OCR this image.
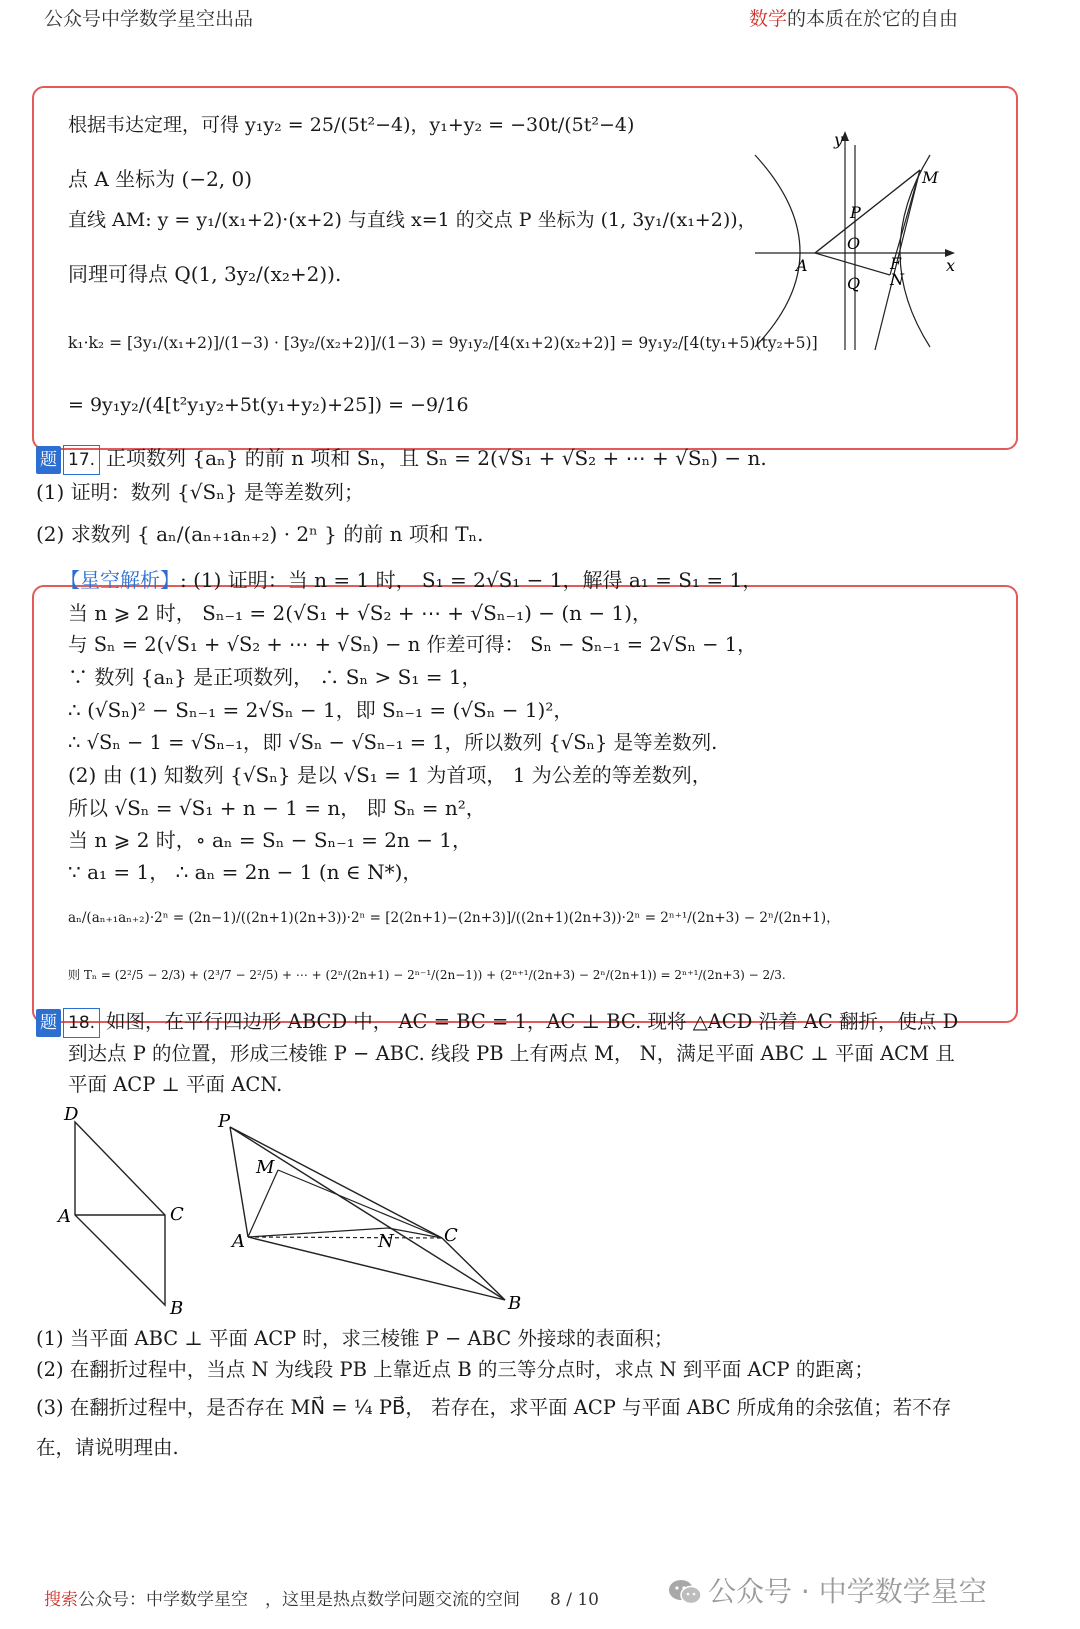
公众号中学数学星空出品	数学的本质在於它的自由
根据韦达定理，可得 y₁y₂ = 25/(5t²−4)，y₁+y₂ = −30t/(5t²−4)
点 A 坐标为 (−2, 0)
直线 AM: y = y₁/(x₁+2)·(x+2) 与直线 x=1 的交点 P 坐标为 (1, 3y₁/(x₁+2))，
同理可得点 Q(1, 3y₂/(x₂+2)).
k₁·k₂ = [3y₁/(x₁+2)]/(1−3) · [3y₂/(x₂+2)]/(1−3) = 9y₁y₂/[4(x₁+2)(x₂+2)] = 9y₁y₂/[4(ty₁+5)(ty₂+5)]
= 9y₁y₂/(4[t²y₁y₂+5t(y₁+y₂)+25]) = −9/16
y
M
P
O
A	F	x
Q N
题 17. 正项数列 {aₙ} 的前 n 项和 Sₙ，且 Sₙ = 2(√S₁ + √S₂ + ⋯ + √Sₙ) − n.
(1) 证明：数列 {√Sₙ} 是等差数列；
(2) 求数列 { aₙ/(aₙ₊₁aₙ₊₂) · 2ⁿ } 的前 n 项和 Tₙ.
【星空解析】: (1) 证明：当 n = 1 时， S₁ = 2√S₁ − 1，解得 a₁ = S₁ = 1，
当 n ⩾ 2 时， Sₙ₋₁ = 2(√S₁ + √S₂ + ⋯ + √Sₙ₋₁) − (n − 1)，
与 Sₙ = 2(√S₁ + √S₂ + ⋯ + √Sₙ) − n 作差可得： Sₙ − Sₙ₋₁ = 2√Sₙ − 1，
∵ 数列 {aₙ} 是正项数列， ∴ Sₙ > S₁ = 1，
∴ (√Sₙ)² − Sₙ₋₁ = 2√Sₙ − 1，即 Sₙ₋₁ = (√Sₙ − 1)²，
∴ √Sₙ − 1 = √Sₙ₋₁，即 √Sₙ − √Sₙ₋₁ = 1，所以数列 {√Sₙ} 是等差数列.
(2) 由 (1) 知数列 {√Sₙ} 是以 √S₁ = 1 为首项， 1 为公差的等差数列，
所以 √Sₙ = √S₁ + n − 1 = n， 即 Sₙ = n²，
当 n ⩾ 2 时，∘ aₙ = Sₙ − Sₙ₋₁ = 2n − 1，
∵ a₁ = 1， ∴ aₙ = 2n − 1 (n ∈ N*)，
aₙ/(aₙ₊₁aₙ₊₂)·2ⁿ = (2n−1)/((2n+1)(2n+3))·2ⁿ = [2(2n+1)−(2n+3)]/((2n+1)(2n+3))·2ⁿ = 2ⁿ⁺¹/(2n+3) − 2ⁿ/(2n+1)，
则 Tₙ = (2²/5 − 2/3) + (2³/7 − 2²/5) + ⋯ + (2ⁿ/(2n+1) − 2ⁿ⁻¹/(2n−1)) + (2ⁿ⁺¹/(2n+3) − 2ⁿ/(2n+1)) = 2ⁿ⁺¹/(2n+3) − 2/3.
题 18. 如图，在平行四边形 ABCD 中， AC = BC = 1，AC ⊥ BC. 现将 △ACD 沿着 AC 翻折，使点 D
到达点 P 的位置，形成三棱锥 P − ABC. 线段 PB 上有两点 M， N，满足平面 ABC ⊥ 平面 ACM 且
平面 ACP ⊥ 平面 ACN.
D
A	C
B
P
M
A	N	C
B
(1) 当平面 ABC ⊥ 平面 ACP 时，求三棱锥 P − ABC 外接球的表面积；
(2) 在翻折过程中，当点 N 为线段 PB 上靠近点 B 的三等分点时，求点 N 到平面 ACP 的距离；
(3) 在翻折过程中，是否存在 MN⃗ = ¼ PB⃗， 若存在，求平面 ACP 与平面 ABC 所成角的余弦值；若不存
在，请说明理由.
搜索公众号：中学数学星空　，这里是热点数学问题交流的空间 8 / 10	公众号 · 中学数学星空
